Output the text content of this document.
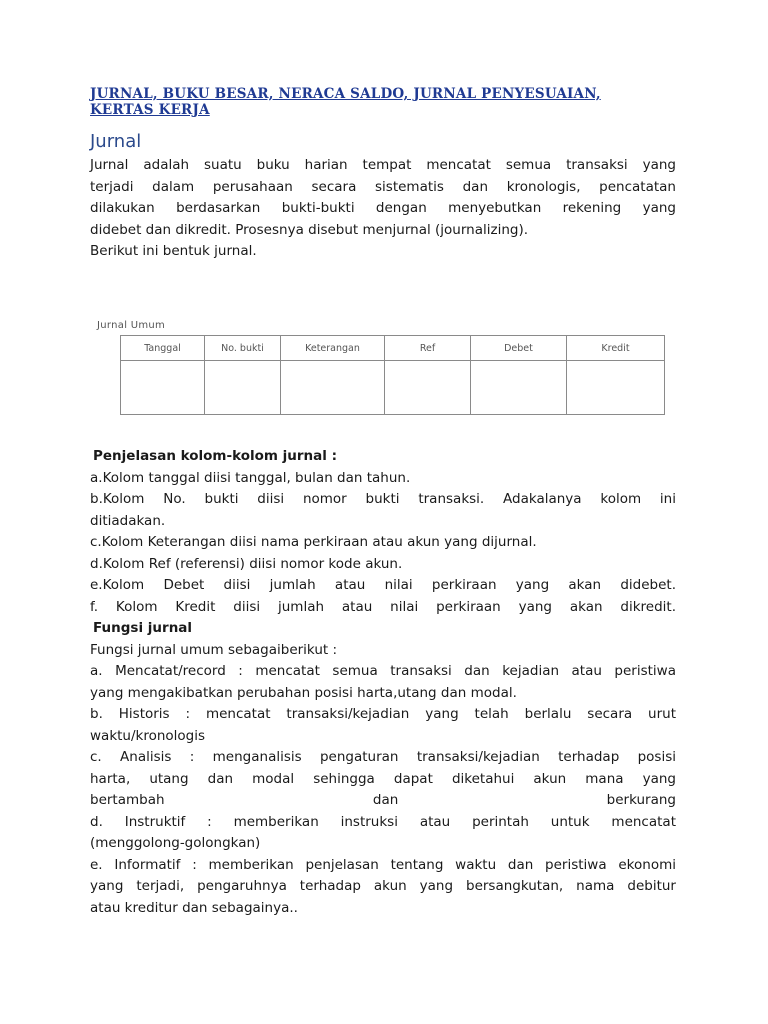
JURNAL, BUKU BESAR, NERACA SALDO, JURNAL PENYESUAIAN,
KERTAS KERJA
Jurnal
Jurnal adalah suatu buku harian tempat mencatat semua transaksi yang
terjadi dalam perusahaan secara sistematis dan kronologis, pencatatan
dilakukan berdasarkan bukti-bukti dengan menyebutkan rekening yang
didebet dan dikredit. Prosesnya disebut menjurnal (journalizing).
Berikut ini bentuk jurnal.
Jurnal Umum
Tanggal	No. bukti	Keterangan	Ref	Debet	Kredit

Penjelasan kolom-kolom jurnal :
a.Kolom tanggal diisi tanggal, bulan dan tahun.
b.Kolom No. bukti diisi nomor bukti transaksi. Adakalanya kolom ini
ditiadakan.
c.Kolom Keterangan diisi nama perkiraan atau akun yang dijurnal.
d.Kolom Ref (referensi) diisi nomor kode akun.
e.Kolom Debet diisi jumlah atau nilai perkiraan yang akan didebet.
f. Kolom Kredit diisi jumlah atau nilai perkiraan yang akan dikredit.
Fungsi jurnal
Fungsi jurnal umum sebagaiberikut :
a. Mencatat/record : mencatat semua transaksi dan kejadian atau peristiwa
yang mengakibatkan perubahan posisi harta,utang dan modal.
b. Historis : mencatat transaksi/kejadian yang telah berlalu secara urut
waktu/kronologis
c. Analisis : menganalisis pengaturan transaksi/kejadian terhadap posisi
harta, utang dan modal sehingga dapat diketahui akun mana yang
bertambah dan berkurang
d. Instruktif : memberikan instruksi atau perintah untuk mencatat
(menggolong-golongkan)
e. Informatif : memberikan penjelasan tentang waktu dan peristiwa ekonomi
yang terjadi, pengaruhnya terhadap akun yang bersangkutan, nama debitur
atau kreditur dan sebagainya..
